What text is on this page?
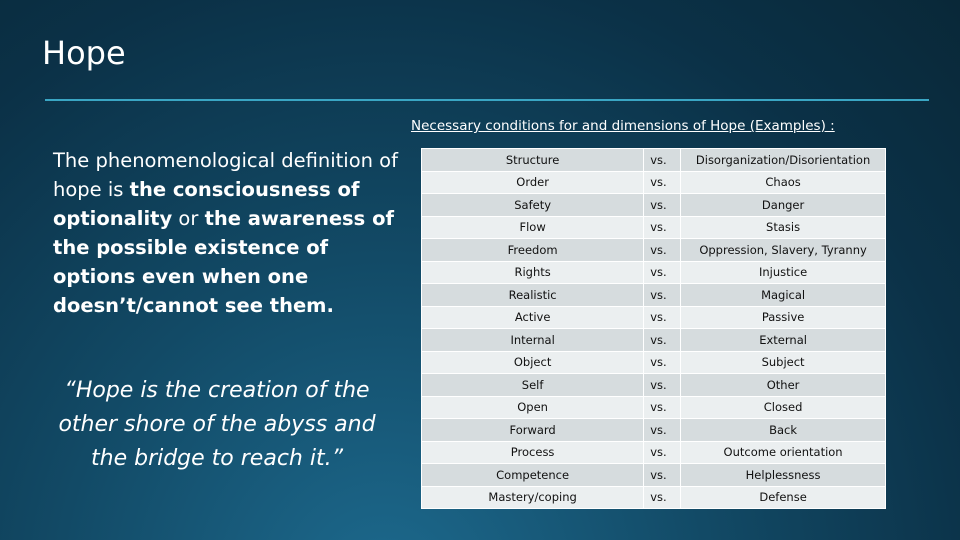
Hope
Necessary conditions for and dimensions of Hope (Examples) :
The phenomenological definition of hope is the consciousness of optionality or the awareness of the possible existence of options even when one doesn’t/cannot see them.
“Hope is the creation of the other shore of the abyss and the bridge to reach it.”
Structure	vs.	Disorganization/Disorientation
Order	vs.	Chaos
Safety	vs.	Danger
Flow	vs.	Stasis
Freedom	vs.	Oppression, Slavery, Tyranny
Rights	vs.	Injustice
Realistic	vs.	Magical
Active	vs.	Passive
Internal	vs.	External
Object	vs.	Subject
Self	vs.	Other
Open	vs.	Closed
Forward	vs.	Back
Process	vs.	Outcome orientation
Competence	vs.	Helplessness
Mastery/coping	vs.	Defense
